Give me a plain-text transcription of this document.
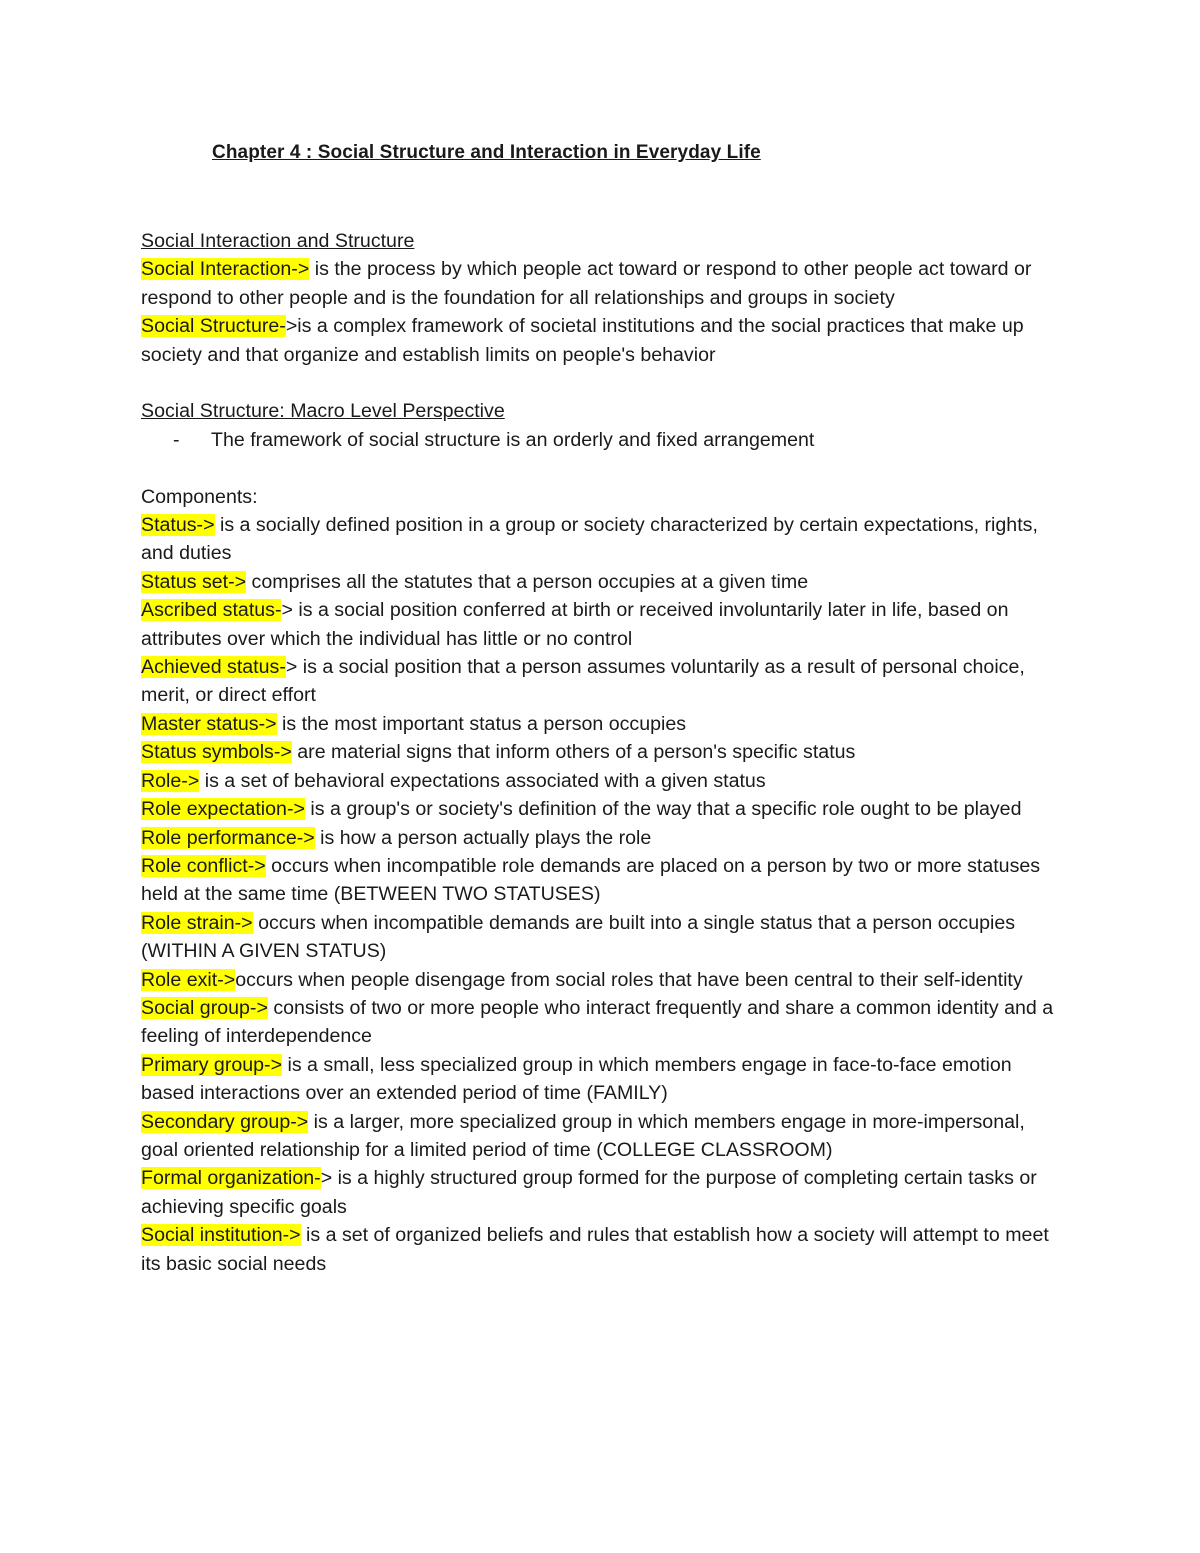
Chapter 4 : Social Structure and Interaction in Everyday Life

Social Interaction and Structure

Social Interaction-> is the process by which people act toward or respond to other people act toward or respond to other people and is the foundation for all relationships and groups in society

Social Structure->is a complex framework of societal institutions and the social practices that make up society and that organize and establish limits on people's behavior

Social Structure: Macro Level Perspective

-	The framework of social structure is an orderly and fixed arrangement

Components:

Status-> is a socially defined position in a group or society characterized by certain expectations, rights, and duties

Status set-> comprises all the statutes that a person occupies at a given time

Ascribed status-> is a social position conferred at birth or received involuntarily later in life, based on attributes over which the individual has little or no control

Achieved status-> is a social position that a person assumes voluntarily as a result of personal choice, merit, or direct effort

Master status-> is the most important status a person occupies

Status symbols-> are material signs that inform others of a person's specific status

Role-> is a set of behavioral expectations associated with a given status

Role expectation-> is a group's or society's definition of the way that a specific role ought to be played

Role performance-> is how a person actually plays the role

Role conflict-> occurs when incompatible role demands are placed on a person by two or more statuses held at the same time (BETWEEN TWO STATUSES)

Role strain-> occurs when incompatible demands are built into a single status that a person occupies (WITHIN A GIVEN STATUS)

Role exit->occurs when people disengage from social roles that have been central to their self-identity

Social group-> consists of two or more people who interact frequently and share a common identity and a feeling of interdependence

Primary group-> is a small, less specialized group in which members engage in face-to-face emotion based interactions over an extended period of time (FAMILY)

Secondary group-> is a larger, more specialized group in which members engage in more-impersonal, goal oriented relationship for a limited period of time (COLLEGE CLASSROOM)

Formal organization-> is a highly structured group formed for the purpose of completing certain tasks or achieving specific goals

Social institution-> is a set of organized beliefs and rules that establish how a society will attempt to meet its basic social needs
